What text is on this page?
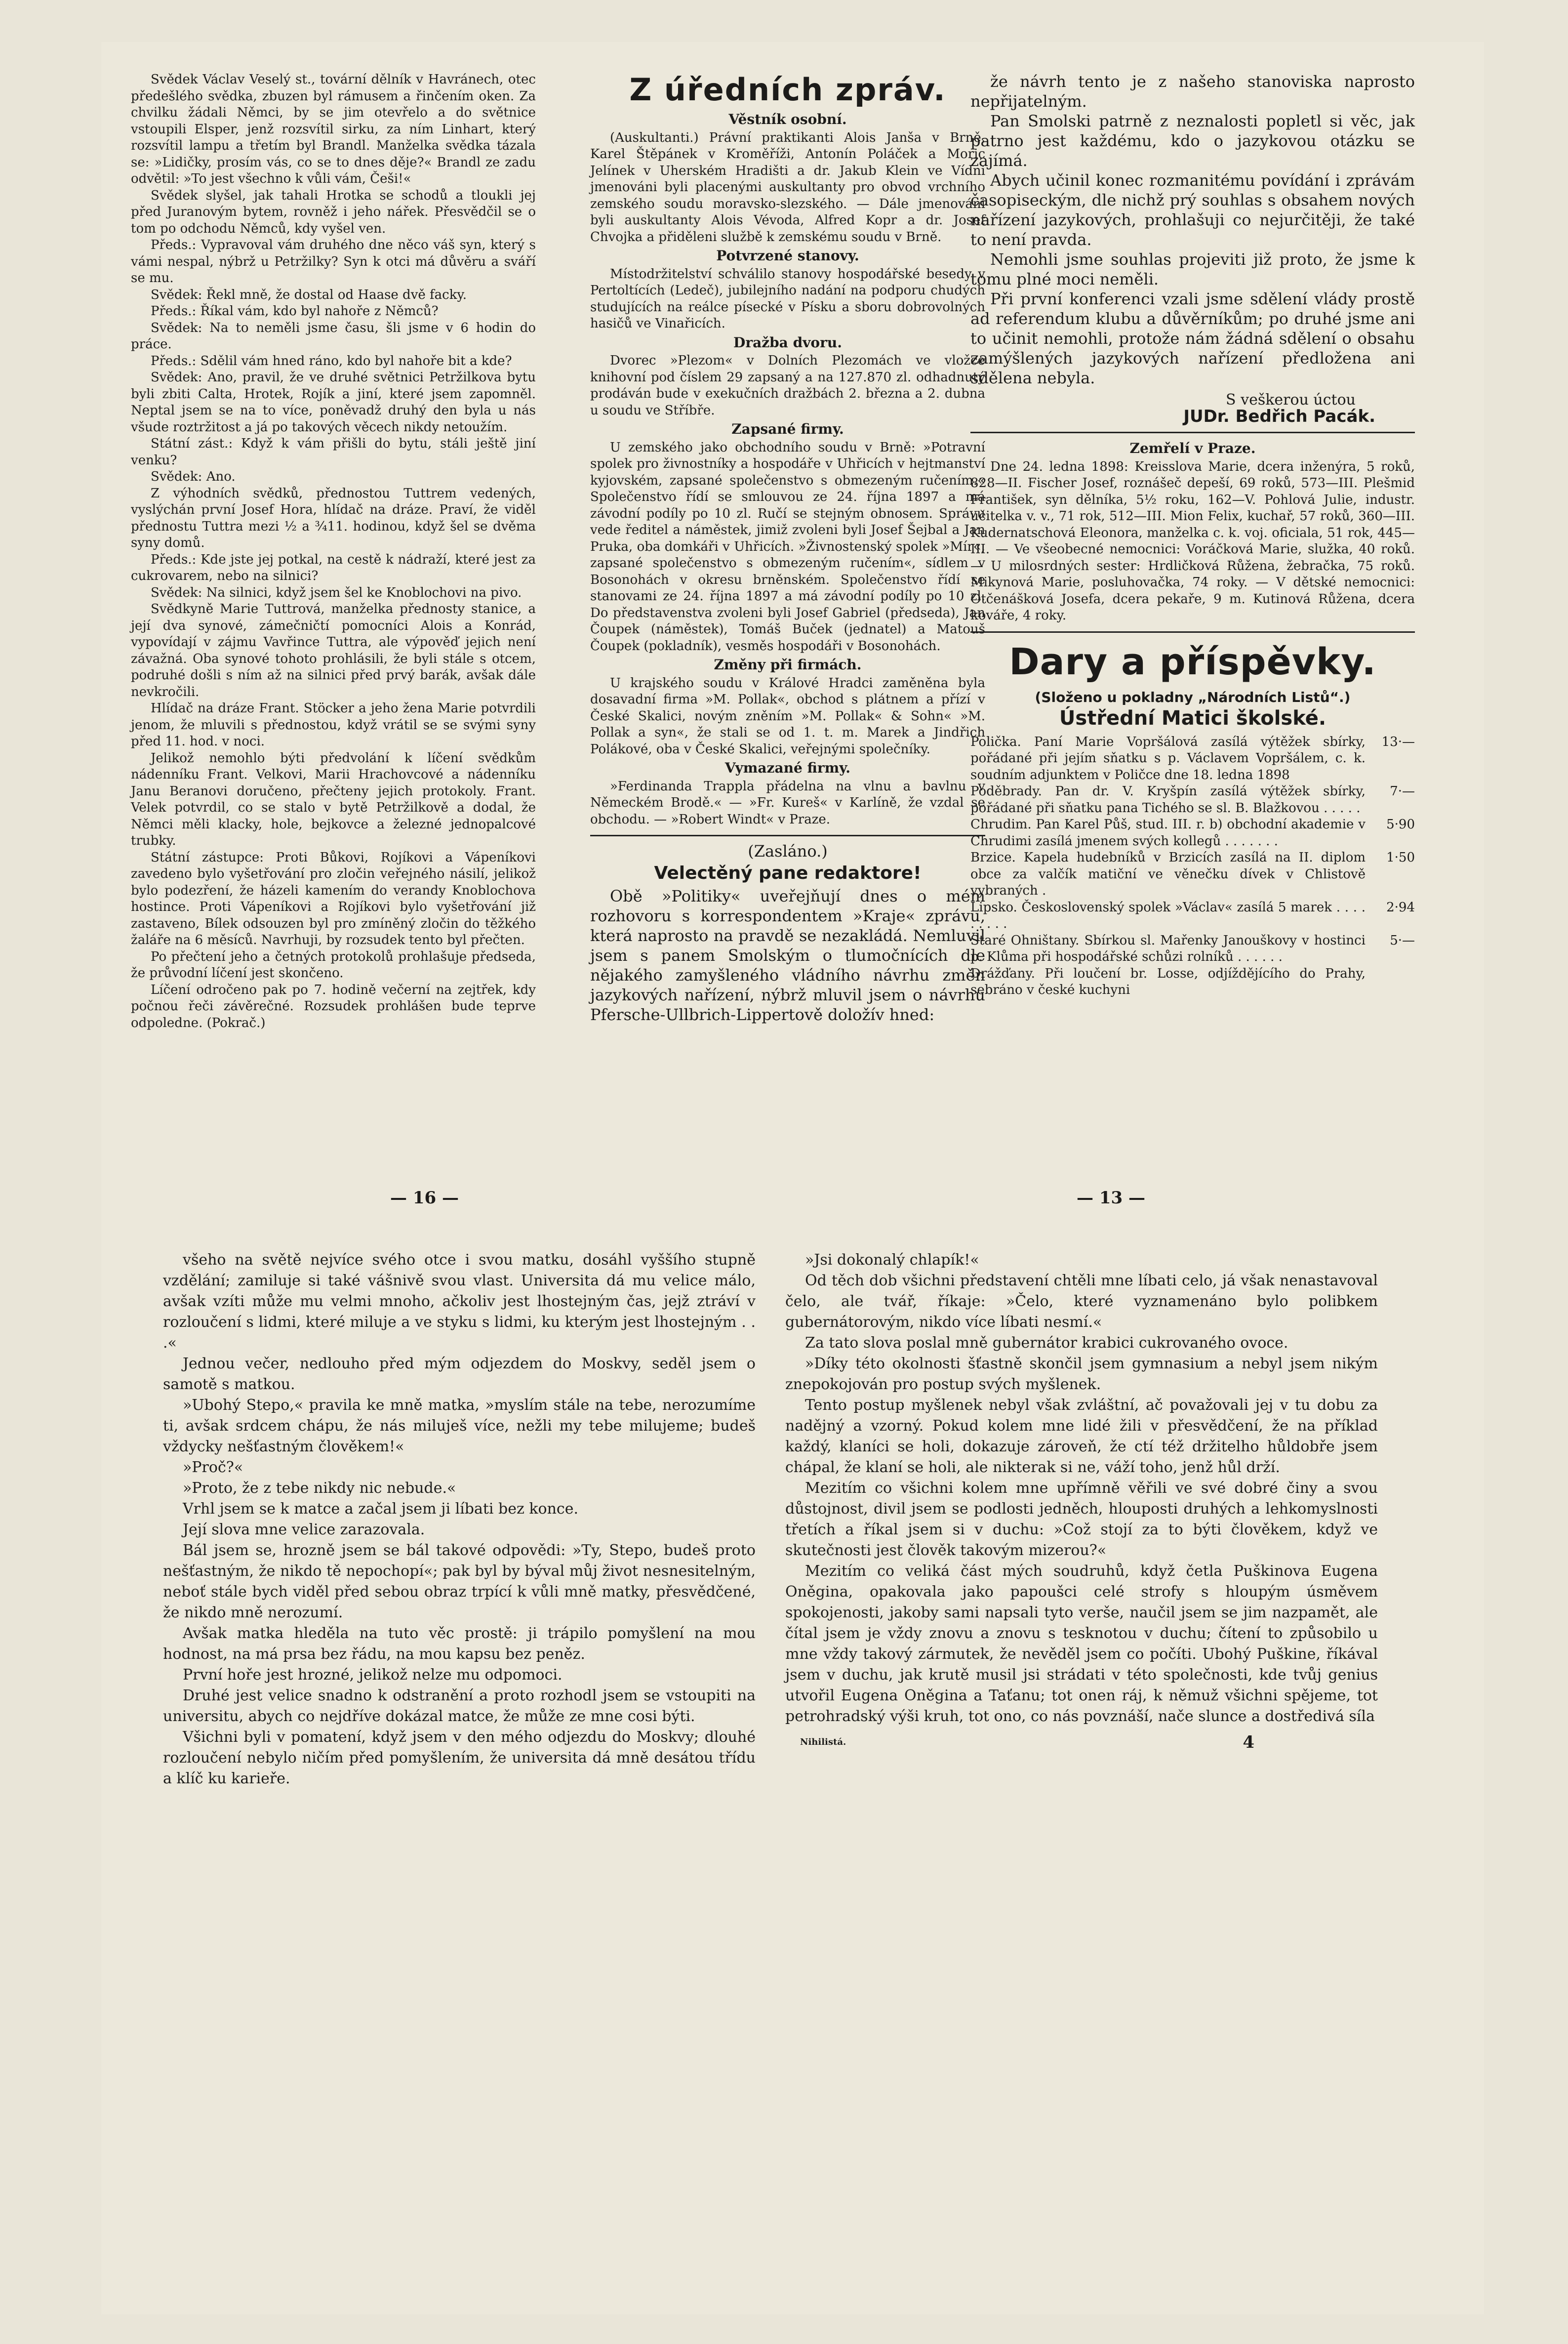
Svědek Václav Veselý st., tovární dělník v Havránech, otec předešlého svědka, zbuzen byl rámusem a řinčením oken. Za chvilku žádali Němci, by se jim otevřelo a do světnice vstoupili Elsper, jenž rozsvítil sirku, za ním Linhart, který rozsvítil lampu a třetím byl Brandl. Manželka svědka tázala se: »Lidičky, prosím vás, co se to dnes děje?« Brandl ze zadu odvětil: »To jest všechno k vůli vám, Češi!«

Svědek slyšel, jak tahali Hrotka se schodů a tloukli jej před Juranovým bytem, rovněž i jeho nářek. Přesvědčil se o tom po odchodu Němců, kdy vyšel ven.

Předs.: Vypravoval vám druhého dne něco váš syn, který s vámi nespal, nýbrž u Petržilky? Syn k otci má důvěru a sváří se mu.

Svědek: Řekl mně, že dostal od Haase dvě facky.

Předs.: Říkal vám, kdo byl nahoře z Němců?

Svědek: Na to neměli jsme času, šli jsme v 6 hodin do práce.

Předs.: Sdělil vám hned ráno, kdo byl nahoře bit a kde?

Svědek: Ano, pravil, že ve druhé světnici Petržilkova bytu byli zbiti Calta, Hrotek, Rojík a jiní, které jsem zapomněl. Neptal jsem se na to více, poněvadž druhý den byla u nás všude roztržitost a já po takových věcech nikdy netoužím.

Státní zást.: Když k vám přišli do bytu, stáli ještě jiní venku?

Svědek: Ano.

Z výhodních svědků, přednostou Tuttrem vedených, vyslýchán první Josef Hora, hlídač na dráze. Praví, že viděl přednostu Tuttra mezi ½ a ¾11. hodinou, když šel se dvěma syny domů.

Předs.: Kde jste jej potkal, na cestě k nádraží, které jest za cukrovarem, nebo na silnici?

Svědek: Na silnici, když jsem šel ke Knoblochovi na pivo.

Svědkyně Marie Tuttrová, manželka přednosty stanice, a její dva synové, zámečničtí pomocníci Alois a Konrád, vypovídají v zájmu Vavřince Tuttra, ale výpověď jejich není závažná. Oba synové tohoto prohlásili, že byli stále s otcem, podruhé došli s ním až na silnici před prvý barák, avšak dále nevkročili.

Hlídač na dráze Frant. Stöcker a jeho žena Marie potvrdili jenom, že mluvili s přednostou, když vrátil se se svými syny před 11. hod. v noci.

Jelikož nemohlo býti předvolání k líčení svědkům nádenníku Frant. Velkovi, Marii Hrachovcové a nádenníku Janu Beranovi doručeno, přečteny jejich protokoly. Frant. Velek potvrdil, co se stalo v bytě Petržilkově a dodal, že Němci měli klacky, hole, bejkovce a železné jednopalcové trubky.

Státní zástupce: Proti Bůkovi, Rojíkovi a Vápeníkovi zavedeno bylo vyšetřování pro zločin veřejného násilí, jelikož bylo podezření, že házeli kamením do verandy Knoblochova hostince. Proti Vápeníkovi a Rojíkovi bylo vyšetřování již zastaveno, Bílek odsouzen byl pro zmíněný zločin do těžkého žaláře na 6 měsíců. Navrhuji, by rozsudek tento byl přečten.

Po přečtení jeho a četných protokolů prohlašuje předseda, že průvodní líčení jest skončeno.

Líčení odročeno pak po 7. hodině večerní na zejtřek, kdy počnou řeči závěrečné. Rozsudek prohlášen bude teprve odpoledne. (Pokrač.)

Z úředních zpráv.
Věstník osobní.

(Auskultanti.) Právní praktikanti Alois Janša v Brně, Karel Štěpánek v Kroměříži, Antonín Poláček a Moric Jelínek v Uherském Hradišti a dr. Jakub Klein ve Vídni jmenováni byli placenými auskultanty pro obvod vrchního zemského soudu moravsko-slezského. — Dále jmenováni byli auskultanty Alois Vévoda, Alfred Kopr a dr. Josef Chvojka a přiděleni službě k zemskému soudu v Brně.

Potvrzené stanovy.

Místodržitelství schválilo stanovy hospodářské besedy v Pertoltících (Ledeč), jubilejního nadání na podporu chudých studujících na reálce písecké v Písku a sboru dobrovolných hasičů ve Vinařicích.

Dražba dvoru.

Dvorec »Plezom« v Dolních Plezomách ve vložce knihovní pod číslem 29 zapsaný a na 127.870 zl. odhadnutý prodáván bude v exekučních dražbách 2. března a 2. dubna u soudu ve Stříbře.

Zapsané firmy.

U zemského jako obchodního soudu v Brně: »Potravní spolek pro živnostníky a hospodáře v Uhřicích v hejtmanství kyjovském, zapsané společenstvo s obmezeným ručením.« Společenstvo řídí se smlouvou ze 24. října 1897 a má závodní podíly po 10 zl. Ručí se stejným obnosem. Správu vede ředitel a náměstek, jimiž zvoleni byli Josef Šejbal a Jan Pruka, oba domkáři v Uhřicích. »Živnostenský spolek »Mír«, zapsané společenstvo s obmezeným ručením«, sídlem v Bosonohách v okresu brněnském. Společenstvo řídí se stanovami ze 24. října 1897 a má závodní podíly po 10 zl. Do představenstva zvoleni byli Josef Gabriel (předseda), Jan Čoupek (náměstek), Tomáš Buček (jednatel) a Matouš Čoupek (pokladník), vesměs hospodáři v Bosonohách.

Změny při firmách.

U krajského soudu v Králové Hradci zaměněna byla dosavadní firma »M. Pollak«, obchod s plátnem a přízí v České Skalici, novým zněním »M. Pollak« & Sohn« »M. Pollak a syn«, že stali se od 1. t. m. Marek a Jindřich Polákové, oba v České Skalici, veřejnými společníky.

Vymazané firmy.

»Ferdinanda Trappla přádelna na vlnu a bavlnu v Německém Brodě.« — »Fr. Kureš« v Karlíně, že vzdal se obchodu. — »Robert Windt« v Praze.

(Zasláno.)
Velectěný pane redaktore!

Obě »Politiky« uveřejňují dnes o mém rozhovoru s korrespondentem »Kraje« zprávu, která naprosto na pravdě se nezakládá. Nemluvil jsem s panem Smolským o tlumočnících dle nějakého zamyšleného vládního návrhu změn jazykových nařízení, nýbrž mluvil jsem o návrhu Pfersche-Ullbrich-Lippertově doložív hned:

že návrh tento je z našeho stanoviska naprosto nepřijatelným.

Pan Smolski patrně z neznalosti popletl si věc, jak patrno jest každému, kdo o jazykovou otázku se zajímá.

Abych učinil konec rozmanitému povídání i zprávám časopiseckým, dle nichž prý souhlas s obsahem nových nařízení jazykových, prohlašuji co nejurčitěji, že také to není pravda.

Nemohli jsme souhlas projeviti již proto, že jsme k tomu plné moci neměli.

Při první konferenci vzali jsme sdělení vlády prostě ad referendum klubu a důvěrníkům; po druhé jsme ani to učinit nemohli, protože nám žádná sdělení o obsahu zamýšlených jazykových nařízení předložena ani sdělena nebyla.

S veškerou úctou
JUDr. Bedřich Pacák.
Zemřelí v Praze.

Dne 24. ledna 1898: Kreisslova Marie, dcera inženýra, 5 roků, 828—II. Fischer Josef, roznášeč depeší, 69 roků, 573—III. Plešmid František, syn dělníka, 5½ roku, 162—V. Pohlová Julie, industr. učitelka v. v., 71 rok, 512—III. Mion Felix, kuchař, 57 roků, 360—III. Kudernatschová Eleonora, manželka c. k. voj. oficiala, 51 rok, 445—III. — Ve všeobecné nemocnici: Voráčková Marie, služka, 40 roků. — U milosrdných sester: Hrdličková Růžena, žebračka, 75 roků. Mikynová Marie, posluhovačka, 74 roky. — V dětské nemocnici: Otčenášková Josefa, dcera pekaře, 9 m. Kutinová Růžena, dcera kováře, 4 roky.

Dary a příspěvky.
(Složeno u pokladny „Národních Listů“.)
Ústřední Matici školské.
Polička. Paní Marie Vopršálová zasílá výtěžek sbírky, pořádané při jejím sňatku s p. Václavem Vopršálem, c. k. soudním adjunktem v Poličce dne 18. ledna 1898
13·—
Poděbrady. Pan dr. V. Kryšpín zasílá výtěžek sbírky, pořádané při sňatku pana Tichého se sl. B. Blažkovou . . . . .
7·—
Chrudim. Pan Karel Půš, stud. III. r. b) obchodní akademie v Chrudimi zasílá jmenem svých kollegů . . . . . . .
5·90
Brzice. Kapela hudebníků v Brzicích zasílá na II. diplom obce za valčík matiční ve věnečku dívek v Chlistově vybraných .
1·50
Lipsko. Československý spolek »Václav« zasílá 5 marek . . . . . . . . .
2·94
Staré Ohništany. Sbírkou sl. Mařenky Janouškovy v hostinci p. Klůma při hospodářské schůzi rolníků . . . . . .
5·—
Drážďany. Při loučení br. Losse, odjíždějícího do Prahy, sebráno v české kuchyni
— 16 —	— 13 —

všeho na světě nejvíce svého otce i svou matku, dosáhl vyššího stupně vzdělání; zamiluje si také vášnivě svou vlast. Universita dá mu velice málo, avšak vzíti může mu velmi mnoho, ačkoliv jest lhostejným čas, jejž ztráví v rozloučení s lidmi, které miluje a ve styku s lidmi, ku kterým jest lhostejným . . .«

Jednou večer, nedlouho před mým odjezdem do Moskvy, seděl jsem o samotě s matkou.

»Ubohý Stepo,« pravila ke mně matka, »myslím stále na tebe, nerozumíme ti, avšak srdcem chápu, že nás miluješ více, nežli my tebe milujeme; budeš vždycky nešťastným člověkem!«

»Proč?«

»Proto, že z tebe nikdy nic nebude.«

Vrhl jsem se k matce a začal jsem ji líbati bez konce.

Její slova mne velice zarazovala.

Bál jsem se, hrozně jsem se bál takové odpovědi: »Ty, Stepo, budeš proto nešťastným, že nikdo tě nepochopí«; pak byl by býval můj život nesnesitelným, neboť stále bych viděl před sebou obraz trpící k vůli mně matky, přesvědčené, že nikdo mně nerozumí.

Avšak matka hleděla na tuto věc prostě: ji trápilo pomyšlení na mou hodnost, na má prsa bez řádu, na mou kapsu bez peněz.

První hoře jest hrozné, jelikož nelze mu odpomoci.

Druhé jest velice snadno k odstranění a proto rozhodl jsem se vstoupiti na universitu, abych co nejdříve dokázal matce, že může ze mne cosi býti.

Všichni byli v pomatení, když jsem v den mého odjezdu do Moskvy; dlouhé rozloučení nebylo ničím před pomyšlením, že universita dá mně desátou třídu a klíč ku karieře.

»Jsi dokonalý chlapík!«

Od těch dob všichni představení chtěli mne líbati celo, já však nenastavoval čelo, ale tvář, říkaje: »Čelo, které vyznamenáno bylo polibkem gubernátorovým, nikdo více líbati nesmí.«

Za tato slova poslal mně gubernátor krabici cukrovaného ovoce.

»Díky této okolnosti šťastně skončil jsem gymnasium a nebyl jsem nikým znepokojován pro postup svých myšlenek.

Tento postup myšlenek nebyl však zvláštní, ač považovali jej v tu dobu za nadějný a vzorný. Pokud kolem mne lidé žili v přesvědčení, že na příklad každý, klaníci se holi, dokazuje zároveň, že ctí též držitelho hůldobře jsem chápal, že klaní se holi, ale nikterak si ne, váží toho, jenž hůl drží.

Mezitím co všichni kolem mne upřímně věřili ve své dobré činy a svou důstojnost, divil jsem se podlosti jedněch, hlouposti druhých a lehkomyslnosti třetích a říkal jsem si v duchu: »Což stojí za to býti člověkem, když ve skutečnosti jest člověk takovým mizerou?«

Mezitím co veliká část mých soudruhů, když četla Puškinova Eugena Oněgina, opakovala jako papoušci celé strofy s hloupým úsměvem spokojenosti, jakoby sami napsali tyto verše, naučil jsem se jim nazpamět, ale čítal jsem je vždy znovu a znovu s tesknotou v duchu; čítení to způsobilo u mne vždy takový zármutek, že nevěděl jsem co počíti. Ubohý Puškine, říkával jsem v duchu, jak krutě musil jsi strádati v této společnosti, kde tvůj genius utvořil Eugena Oněgina a Taťanu; tot onen ráj, k němuž všichni spějeme, tot petrohradský výši kruh, tot ono, co nás povznáší, nače slunce a dostředivá síla

Nihilistá.	4
